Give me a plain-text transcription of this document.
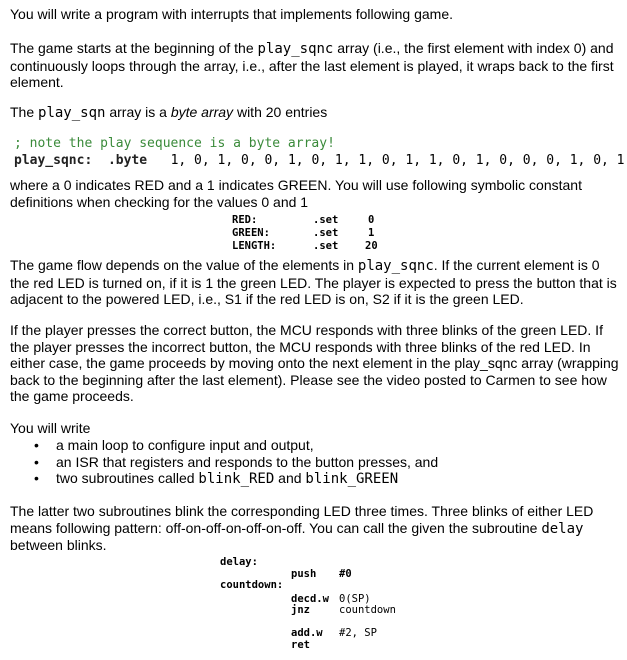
You will write a program with interrupts that implements following game.

The game starts at the beginning of the play_sqnc array (i.e., the first element with index 0) and continuously loops through the array, i.e., after the last element is played, it wraps back to the first element.

The play_sqn array is a byte array with 20 entries

; note the play sequence is a byte array!
play_sqnc: .byte 1, 0, 1, 0, 0, 1, 0, 1, 1, 0, 1, 1, 0, 1, 0, 0, 0, 1, 0, 1

where a 0 indicates RED and a 1 indicates GREEN. You will use following symbolic constant definitions when checking for the values 0 and 1

RED:	.set	0
GREEN:	.set	1
LENGTH:	.set	20

The game flow depends on the value of the elements in play_sqnc. If the current element is 0 the red LED is turned on, if it is 1 the green LED. The player is expected to press the button that is adjacent to the powered LED, i.e., S1 if the red LED is on, S2 if it is the green LED.

If the player presses the correct button, the MCU responds with three blinks of the green LED. If the player presses the incorrect button, the MCU responds with three blinks of the red LED. In either case, the game proceeds by moving onto the next element in the play_sqnc array (wrapping back to the beginning after the last element). Please see the video posted to Carmen to see how the game proceeds.

You will write

• a main loop to configure input and output,
• an ISR that registers and responds to the button presses, and
• two subroutines called blink_RED and blink_GREEN

The latter two subroutines blink the corresponding LED three times. Three blinks of either LED means following pattern: off-on-off-on-off-on-off. You can call the given the subroutine delay between blinks.

delay:
push #0
countdown:
decd.w 0(SP)
jnz	countdown
add.w #2, SP
ret
